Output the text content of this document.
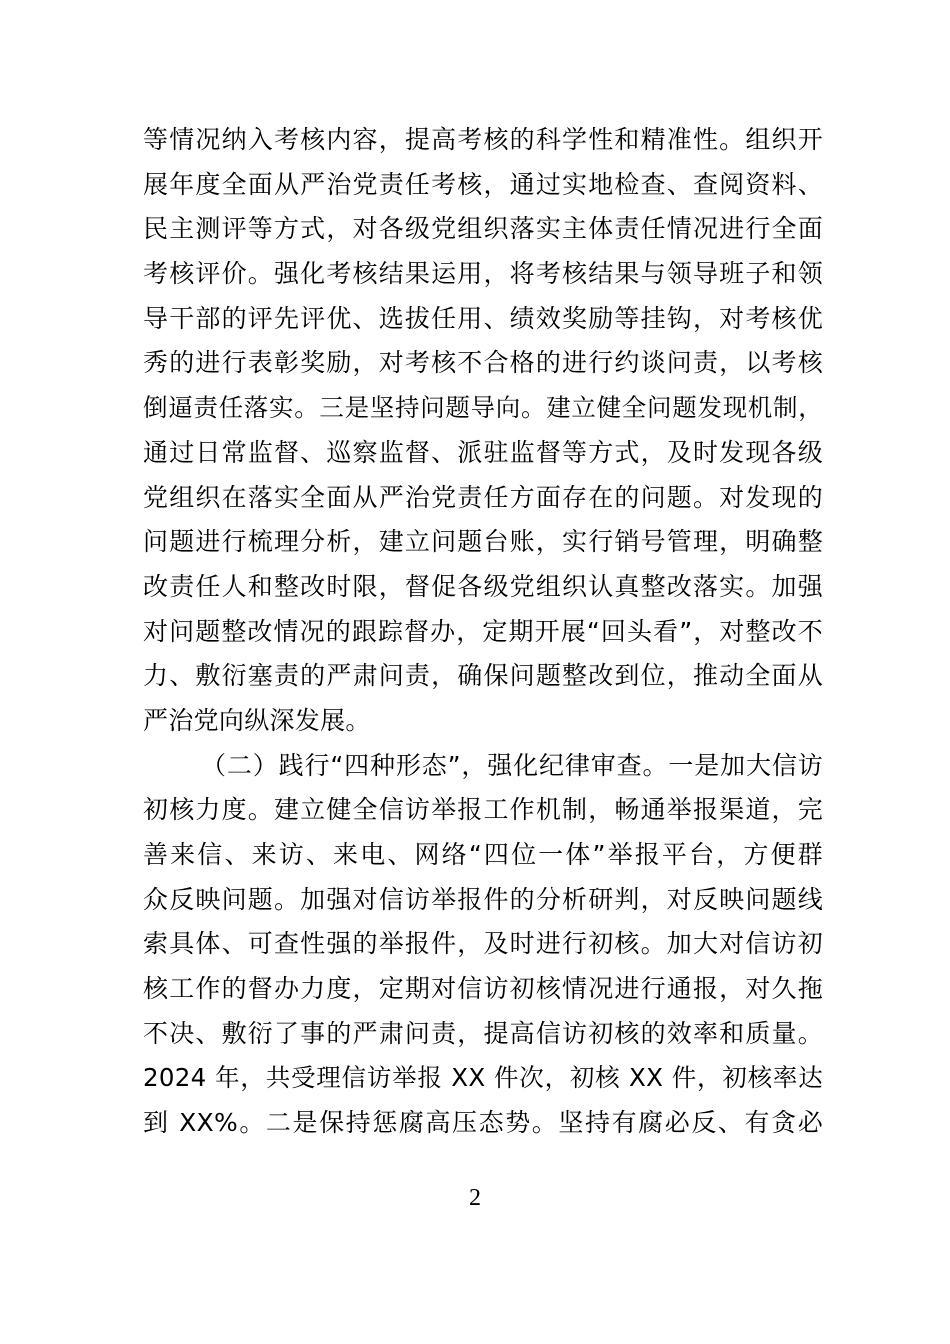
等情况纳入考核内容，提高考核的科学性和精准性。组织开
展年度全面从严治党责任考核，通过实地检查、查阅资料、
民主测评等方式，对各级党组织落实主体责任情况进行全面
考核评价。强化考核结果运用，将考核结果与领导班子和领
导干部的评先评优、选拔任用、绩效奖励等挂钩，对考核优
秀的进行表彰奖励，对考核不合格的进行约谈问责，以考核
倒逼责任落实。三是坚持问题导向。建立健全问题发现机制，
通过日常监督、巡察监督、派驻监督等方式，及时发现各级
党组织在落实全面从严治党责任方面存在的问题。对发现的
问题进行梳理分析，建立问题台账，实行销号管理，明确整
改责任人和整改时限，督促各级党组织认真整改落实。加强
对问题整改情况的跟踪督办，定期开展“回头看”，对整改不
力、敷衍塞责的严肃问责，确保问题整改到位，推动全面从
严治党向纵深发展。
（二）践行“四种形态”，强化纪律审查。一是加大信访
初核力度。建立健全信访举报工作机制，畅通举报渠道，完
善来信、来访、来电、网络“四位一体”举报平台，方便群
众反映问题。加强对信访举报件的分析研判，对反映问题线
索具体、可查性强的举报件，及时进行初核。加大对信访初
核工作的督办力度，定期对信访初核情况进行通报，对久拖
不决、敷衍了事的严肃问责，提高信访初核的效率和质量。
2024 年，共受理信访举报 XX 件次，初核 XX 件，初核率达
到 XX%。二是保持惩腐高压态势。坚持有腐必反、有贪必
2
